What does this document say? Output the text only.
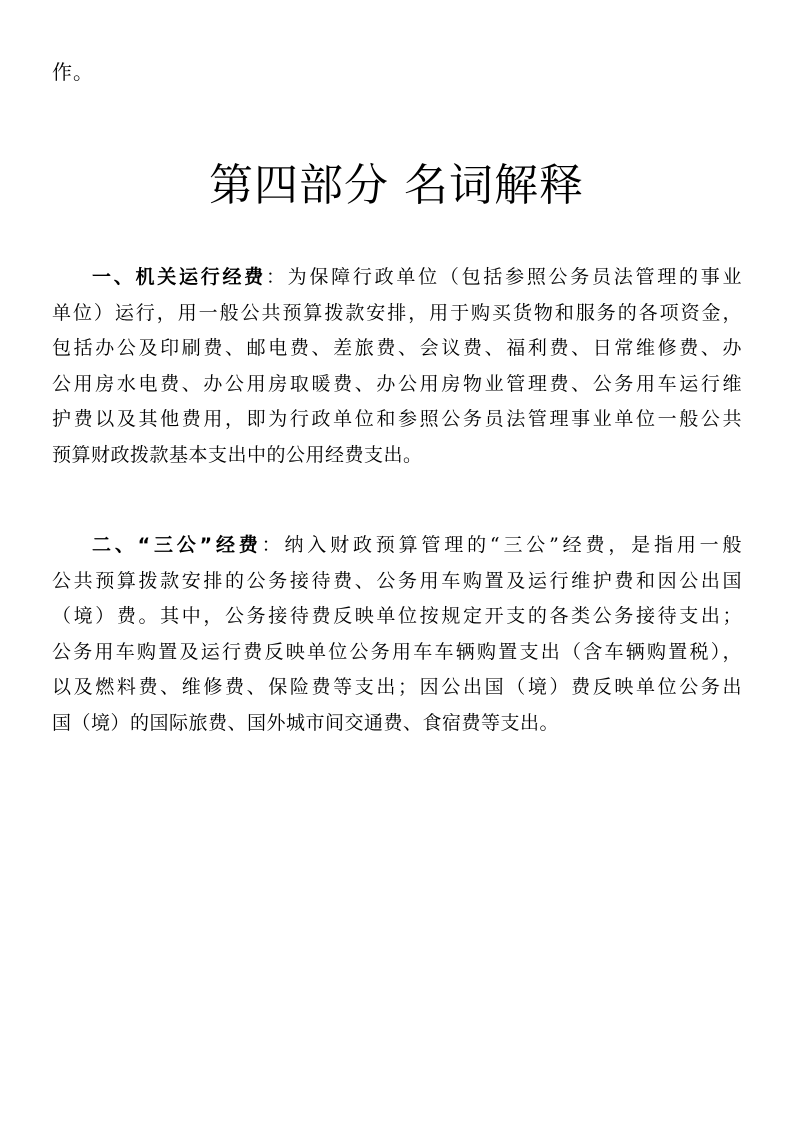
作。
第四部分 名词解释
一、机关运行经费：为保障行政单位（包括参照公务员法管理的事业
单位）运行，用一般公共预算拨款安排，用于购买货物和服务的各项资金，
包括办公及印刷费、邮电费、差旅费、会议费、福利费、日常维修费、办
公用房水电费、办公用房取暖费、办公用房物业管理费、公务用车运行维
护费以及其他费用，即为行政单位和参照公务员法管理事业单位一般公共
预算财政拨款基本支出中的公用经费支出。
二、“三公”经费：纳入财政预算管理的“三公”经费，是指用一般
公共预算拨款安排的公务接待费、公务用车购置及运行维护费和因公出国
（境）费。其中，公务接待费反映单位按规定开支的各类公务接待支出；
公务用车购置及运行费反映单位公务用车车辆购置支出（含车辆购置税），
以及燃料费、维修费、保险费等支出；因公出国（境）费反映单位公务出
国（境）的国际旅费、国外城市间交通费、食宿费等支出。
